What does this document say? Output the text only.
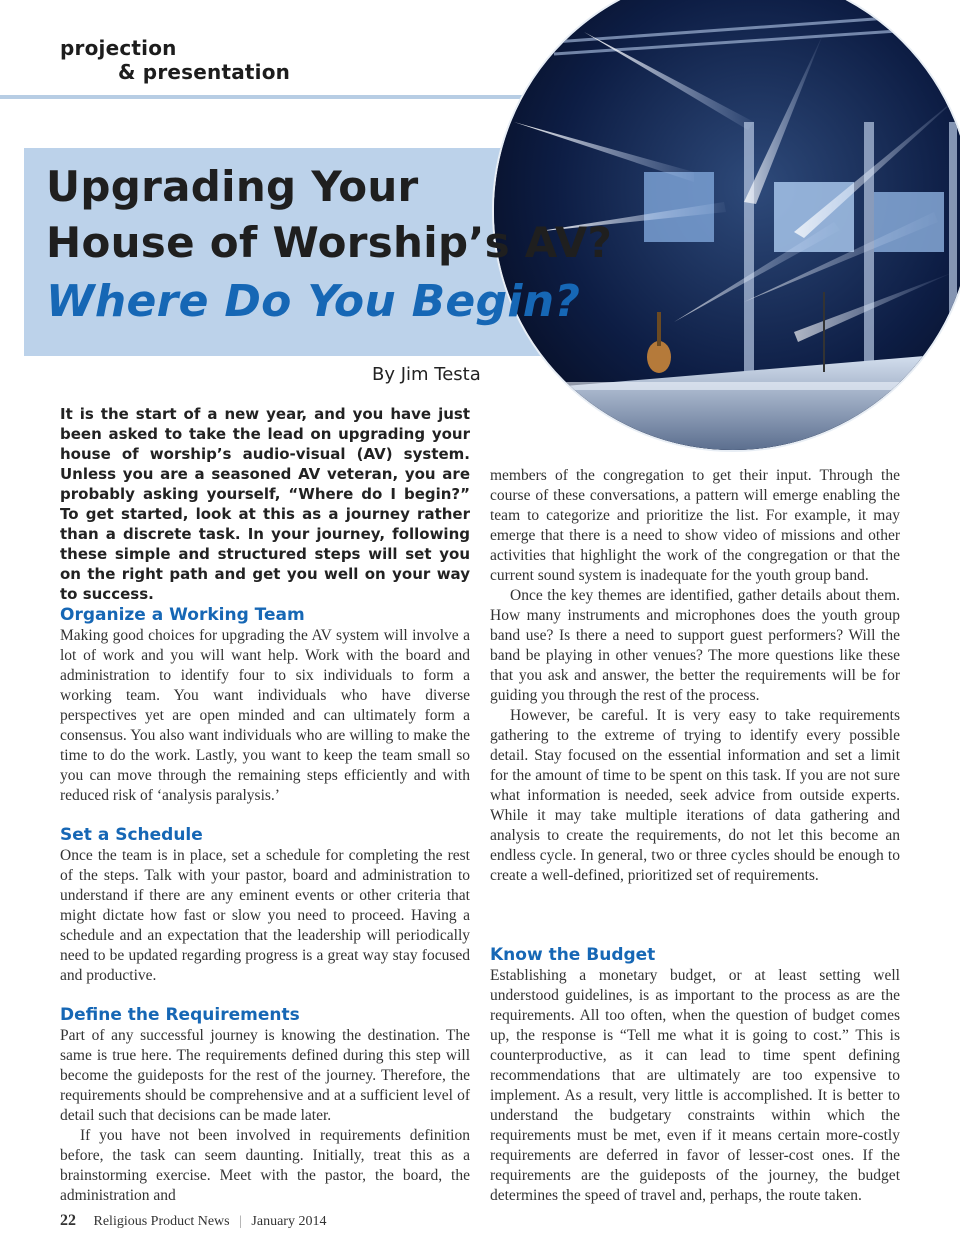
projection
& presentation
Upgrading Your
House of Worship’s AV?
Where Do You Begin?
By Jim Testa
It is the start of a new year, and you have just been asked to take the lead on upgrading your house of worship’s audio-visual (AV) system. Unless you are a seasoned AV veteran, you are probably asking yourself, “Where do I begin?” To get started, look at this as a journey rather than a discrete task. In your journey, following these simple and structured steps will set you on the right path and get you well on your way to success.
Organize a Working Team

Making good choices for upgrading the AV system will involve a lot of work and you will want help. Work with the board and administration to identify four to six individuals to form a working team. You want individuals who have diverse perspectives yet are open minded and can ultimately form a consensus. You also want individuals who are willing to make the time to do the work. Lastly, you want to keep the team small so you can move through the remaining steps efficiently and with reduced risk of ‘analysis paralysis.’

Set a Schedule

Once the team is in place, set a schedule for completing the rest of the steps. Talk with your pastor, board and administration to understand if there are any eminent events or other criteria that might dictate how fast or slow you need to proceed. Having a schedule and an expectation that the leadership will periodically need to be updated regarding progress is a great way stay focused and productive.

Define the Requirements

Part of any successful journey is knowing the destination. The same is true here. The requirements defined during this step will become the guideposts for the rest of the journey. Therefore, the requirements should be comprehensive and at a sufficient level of detail such that decisions can be made later.

If you have not been involved in requirements definition before, the task can seem daunting. Initially, treat this as a brainstorming exercise. Meet with the pastor, the board, the administration and

members of the congregation to get their input. Through the course of these conversations, a pattern will emerge enabling the team to categorize and prioritize the list. For example, it may emerge that there is a need to show video of missions and other activities that highlight the work of the congregation or that the current sound system is inadequate for the youth group band.

Once the key themes are identified, gather details about them. How many instruments and microphones does the youth group band use? Is there a need to support guest performers? Will the band be playing in other venues? The more questions like these that you ask and answer, the better the requirements will be for guiding you through the rest of the process.

However, be careful. It is very easy to take requirements gathering to the extreme of trying to identify every possible detail. Stay focused on the essential information and set a limit for the amount of time to be spent on this task. If you are not sure what information is needed, seek advice from outside experts. While it may take multiple iterations of data gathering and analysis to create the requirements, do not let this become an endless cycle. In general, two or three cycles should be enough to create a well-defined, prioritized set of requirements.

Know the Budget

Establishing a monetary budget, or at least setting well understood guidelines, is as important to the process as are the requirements. All too often, when the question of budget comes up, the response is “Tell me what it is going to cost.” This is counterproductive, as it can lead to time spent defining recommendations that are ultimately are too expensive to implement. As a result, very little is accomplished. It is better to understand the budgetary constraints within which the requirements must be met, even if it means certain more-costly requirements are deferred in favor of lesser-cost ones. If the requirements are the guideposts of the journey, the budget determines the speed of travel and, perhaps, the route taken.

22 Religious Product News | January 2014
